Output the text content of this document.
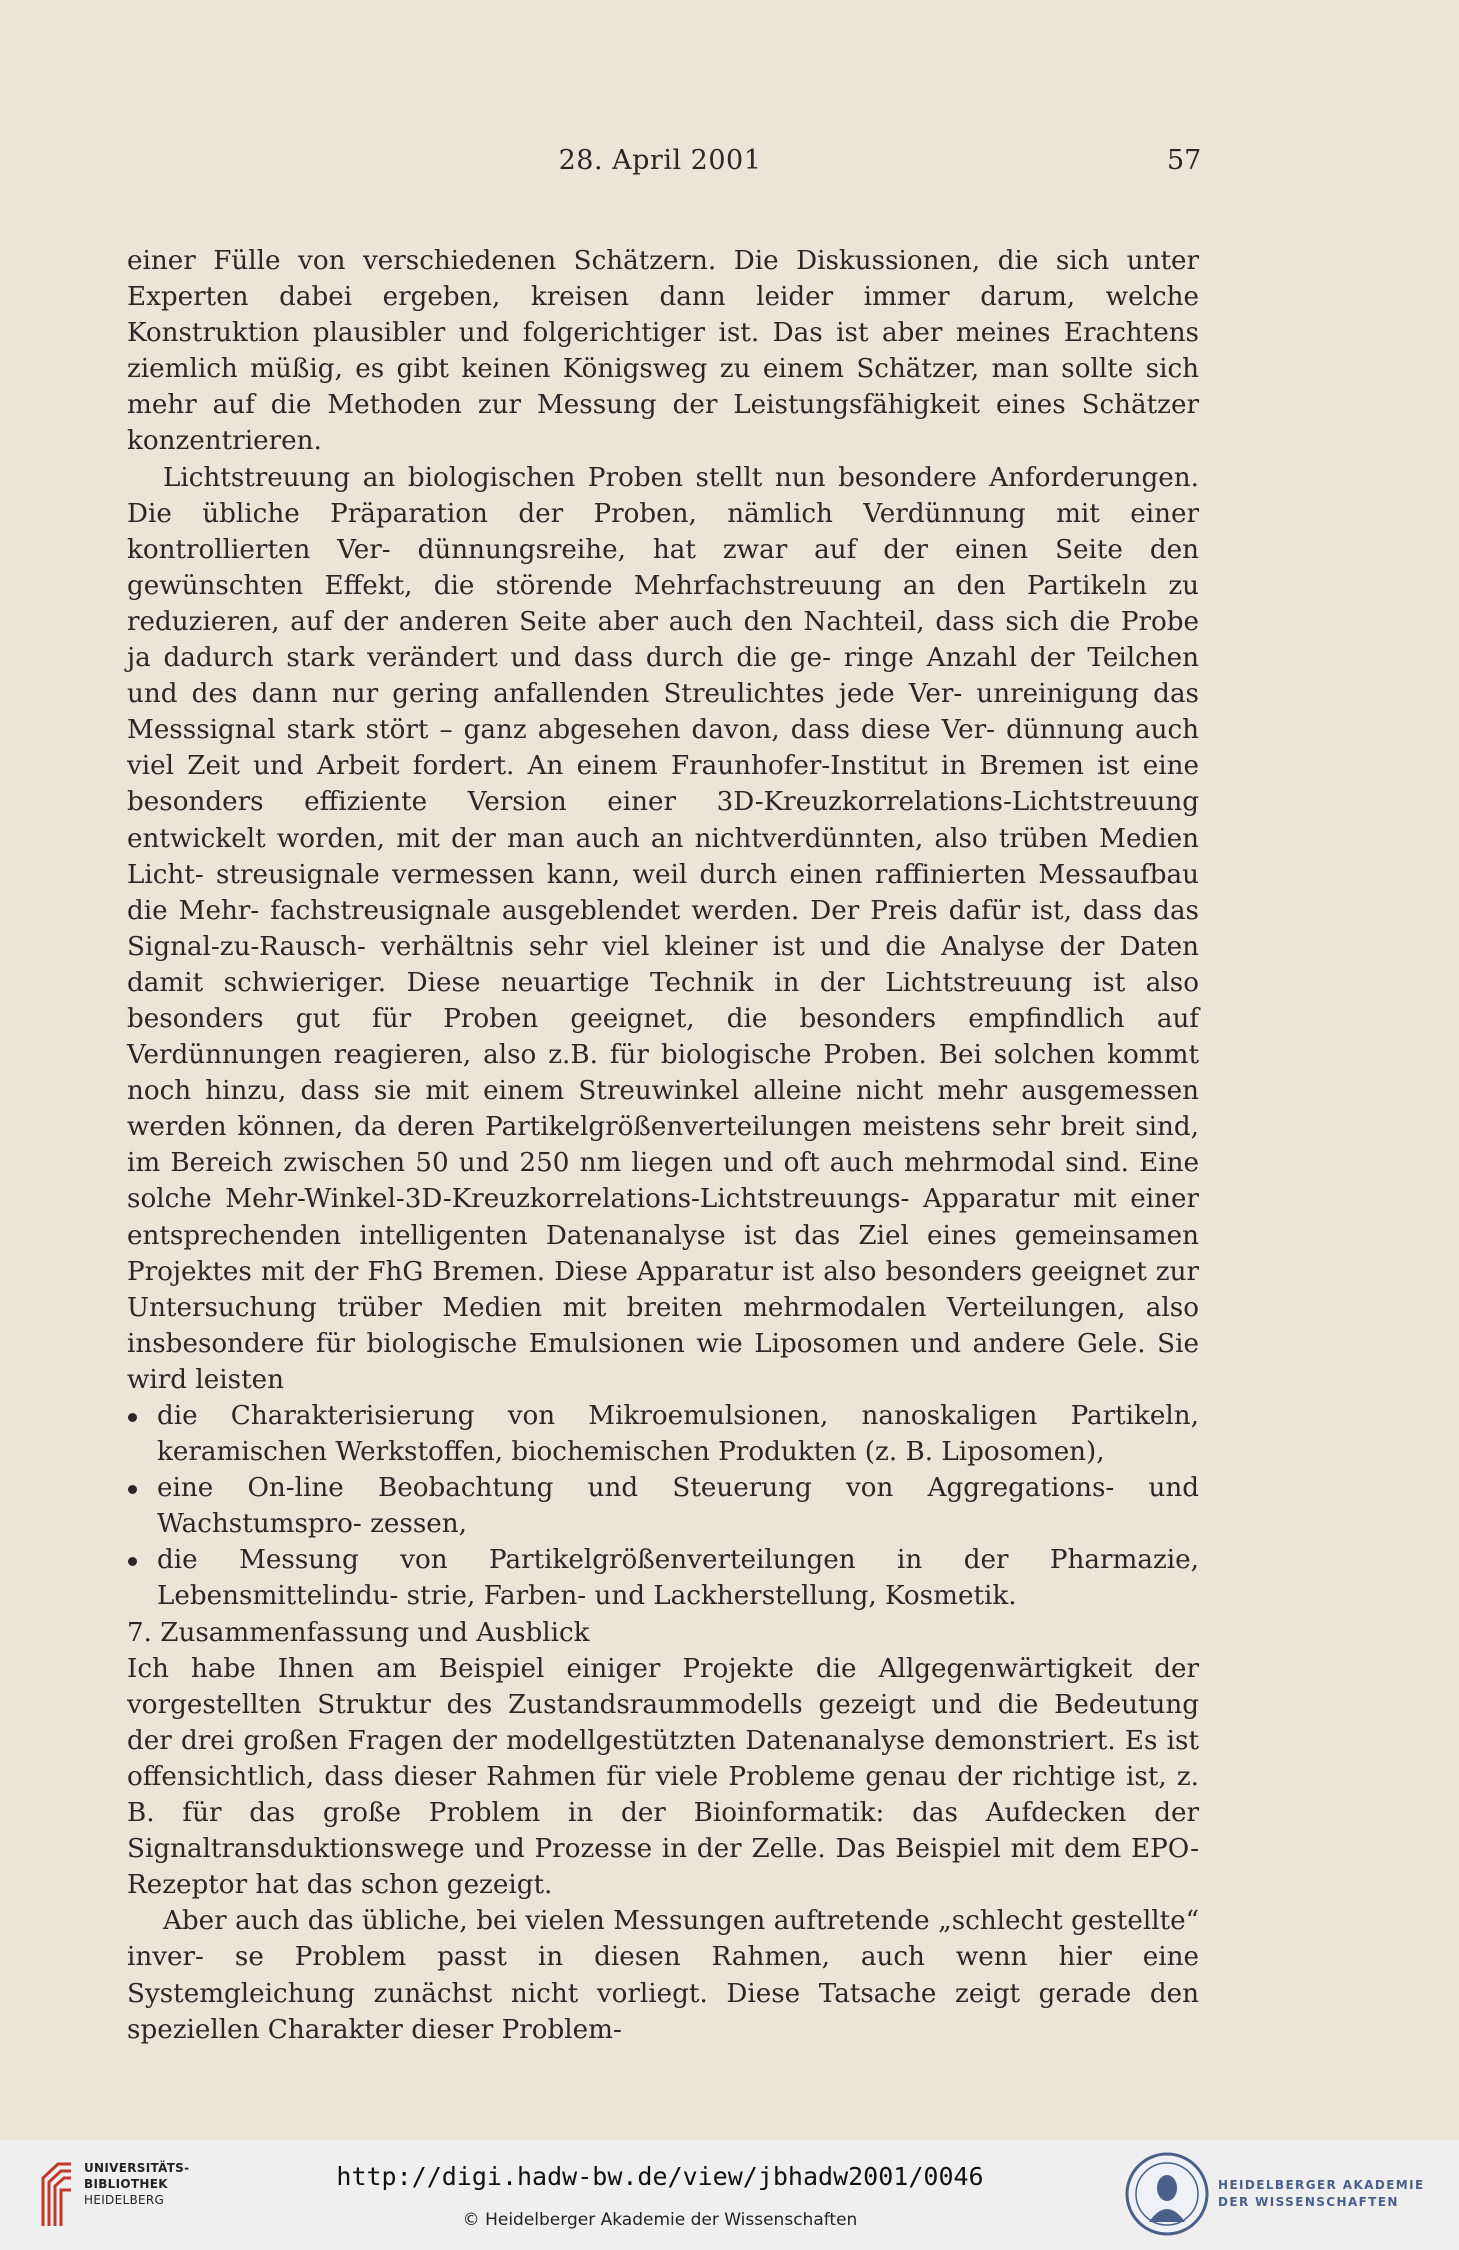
28. April 2001	57

einer Fülle von verschiedenen Schätzern. Die Diskussionen, die sich unter Experten dabei ergeben, kreisen dann leider immer darum, welche Konstruktion plausibler und folgerichtiger ist. Das ist aber meines Erachtens ziemlich müßig, es gibt keinen Königsweg zu einem Schätzer, man sollte sich mehr auf die Methoden zur Messung der Leistungsfähigkeit eines Schätzer konzentrieren.

Lichtstreuung an biologischen Proben stellt nun besondere Anforderungen. Die übliche Präparation der Proben, nämlich Verdünnung mit einer kontrollierten Ver- dünnungsreihe, hat zwar auf der einen Seite den gewünschten Effekt, die störende Mehrfachstreuung an den Partikeln zu reduzieren, auf der anderen Seite aber auch den Nachteil, dass sich die Probe ja dadurch stark verändert und dass durch die ge- ringe Anzahl der Teilchen und des dann nur gering anfallenden Streulichtes jede Ver- unreinigung das Messsignal stark stört – ganz abgesehen davon, dass diese Ver- dünnung auch viel Zeit und Arbeit fordert. An einem Fraunhofer-Institut in Bremen ist eine besonders effiziente Version einer 3D-Kreuzkorrelations-Lichtstreuung entwickelt worden, mit der man auch an nichtverdünnten, also trüben Medien Licht- streusignale vermessen kann, weil durch einen raffinierten Messaufbau die Mehr- fachstreusignale ausgeblendet werden. Der Preis dafür ist, dass das Signal-zu-Rausch- verhältnis sehr viel kleiner ist und die Analyse der Daten damit schwieriger. Diese neuartige Technik in der Lichtstreuung ist also besonders gut für Proben geeignet, die besonders empfindlich auf Verdünnungen reagieren, also z.B. für biologische Proben. Bei solchen kommt noch hinzu, dass sie mit einem Streuwinkel alleine nicht mehr ausgemessen werden können, da deren Partikelgrößenverteilungen meistens sehr breit sind, im Bereich zwischen 50 und 250 nm liegen und oft auch mehrmodal sind. Eine solche Mehr-Winkel-3D-Kreuzkorrelations-Lichtstreuungs- Apparatur mit einer entsprechenden intelligenten Datenanalyse ist das Ziel eines gemeinsamen Projektes mit der FhG Bremen. Diese Apparatur ist also besonders geeignet zur Untersuchung trüber Medien mit breiten mehrmodalen Verteilungen, also insbesondere für biologische Emulsionen wie Liposomen und andere Gele. Sie wird leisten

die Charakterisierung von Mikroemulsionen, nanoskaligen Partikeln, keramischen Werkstoffen, biochemischen Produkten (z. B. Liposomen),
eine On-line Beobachtung und Steuerung von Aggregations- und Wachstumspro- zessen,
die Messung von Partikelgrößenverteilungen in der Pharmazie, Lebensmittelindu- strie, Farben- und Lackherstellung, Kosmetik.

7. Zusammenfassung und Ausblick

Ich habe Ihnen am Beispiel einiger Projekte die Allgegenwärtigkeit der vorgestellten Struktur des Zustandsraummodells gezeigt und die Bedeutung der drei großen Fragen der modellgestützten Datenanalyse demonstriert. Es ist offensichtlich, dass dieser Rahmen für viele Probleme genau der richtige ist, z. B. für das große Problem in der Bioinformatik: das Aufdecken der Signaltransduktionswege und Prozesse in der Zelle. Das Beispiel mit dem EPO-Rezeptor hat das schon gezeigt.

Aber auch das übliche, bei vielen Messungen auftretende „schlecht gestellte“ inver- se Problem passt in diesen Rahmen, auch wenn hier eine Systemgleichung zunächst nicht vorliegt. Diese Tatsache zeigt gerade den speziellen Charakter dieser Problem-

UNIVERSITÄTS-
BIBLIOTHEK
HEIDELBERG
http://digi.hadw-bw.de/view/jbhadw2001/0046
© Heidelberger Akademie der Wissenschaften
HEIDELBERGER AKADEMIE
DER WISSENSCHAFTEN
